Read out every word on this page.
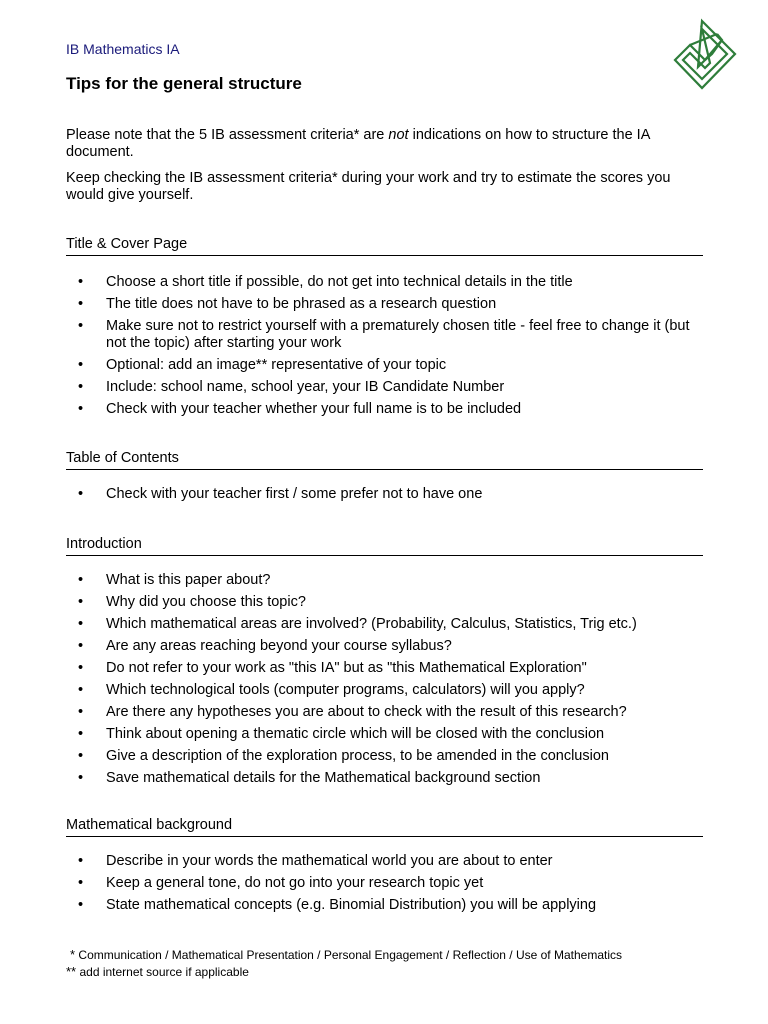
IB Mathematics IA
Tips for the general structure
Please note that the 5 IB assessment criteria* are not indications on how to structure the IA document.
Keep checking the IB assessment criteria* during your work and try to estimate the scores you would give yourself.
Title & Cover Page
• Choose a short title if possible, do not get into technical details in the title
• The title does not have to be phrased as a research question
• Make sure not to restrict yourself with a prematurely chosen title - feel free to change it (but not the topic) after starting your work
• Optional: add an image** representative of your topic
• Include: school name, school year, your IB Candidate Number
• Check with your teacher whether your full name is to be included
Table of Contents
• Check with your teacher first / some prefer not to have one
Introduction
• What is this paper about?
• Why did you choose this topic?
• Which mathematical areas are involved? (Probability, Calculus, Statistics, Trig etc.)
• Are any areas reaching beyond your course syllabus?
• Do not refer to your work as "this IA" but as "this Mathematical Exploration"
• Which technological tools (computer programs, calculators) will you apply?
• Are there any hypotheses you are about to check with the result of this research?
• Think about opening a thematic circle which will be closed with the conclusion
• Give a description of the exploration process, to be amended in the conclusion
• Save mathematical details for the Mathematical background section
Mathematical background
• Describe in your words the mathematical world you are about to enter
• Keep a general tone, do not go into your research topic yet
• State mathematical concepts (e.g. Binomial Distribution) you will be applying
* Communication / Mathematical Presentation / Personal Engagement / Reflection / Use of Mathematics
** add internet source if applicable
